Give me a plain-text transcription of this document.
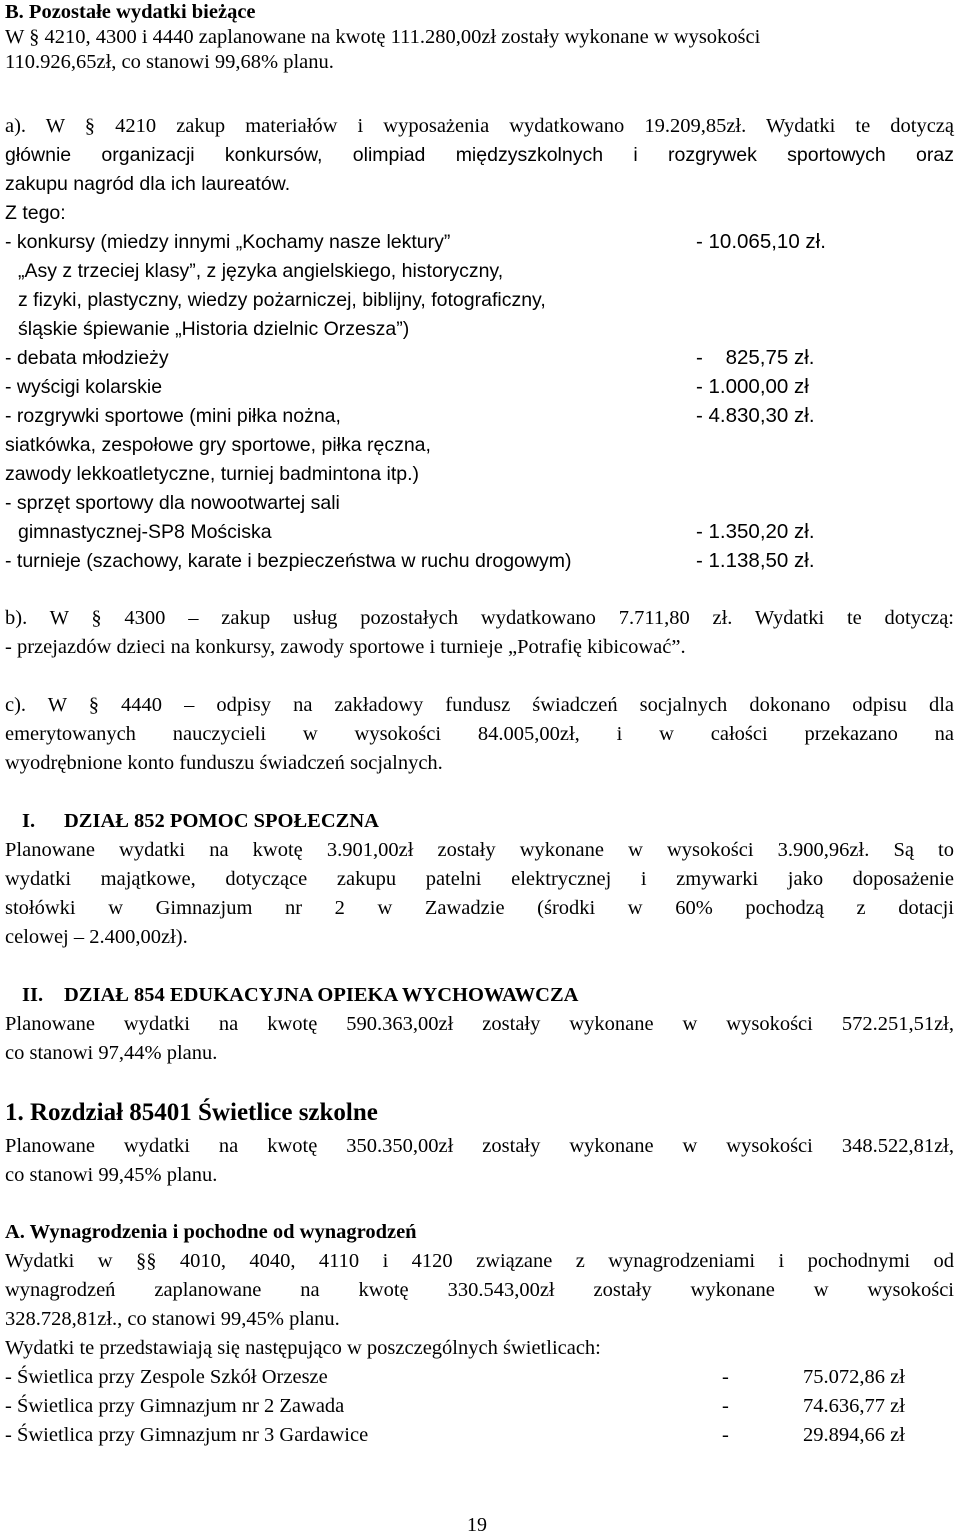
B. Pozostałe wydatki bieżące
W § 4210, 4300 i 4440 zaplanowane na kwotę 111.280,00zł zostały wykonane w wysokości
110.926,65zł, co stanowi 99,68% planu.
a). W § 4210 zakup materiałów i wyposażenia wydatkowano 19.209,85zł. Wydatki te dotyczą
głównie organizacji konkursów, olimpiad międzyszkolnych i rozgrywek sportowych oraz
zakupu nagród dla ich laureatów.
Z tego:
- konkursy (miedzy innymi „Kochamy nasze lektury”	- 10.065,10 zł.
„Asy z trzeciej klasy”, z języka angielskiego, historyczny,
z fizyki, plastyczny, wiedzy pożarniczej, biblijny, fotograficzny,
śląskie śpiewanie „Historia dzielnic Orzesza”)
- debata młodzieży	-    825,75 zł.
- wyścigi kolarskie	- 1.000,00 zł
- rozgrywki sportowe (mini piłka nożna,	- 4.830,30 zł.
siatkówka, zespołowe gry sportowe, piłka ręczna,
zawody lekkoatletyczne, turniej badmintona itp.)
- sprzęt sportowy dla nowootwartej sali
gimnastycznej-SP8 Mościska	- 1.350,20 zł.
- turnieje (szachowy, karate i bezpieczeństwa w ruchu drogowym)	- 1.138,50 zł.
b). W § 4300 – zakup usług pozostałych wydatkowano 7.711,80 zł. Wydatki te dotyczą:
- przejazdów dzieci na konkursy, zawody sportowe i turnieje „Potrafię kibicować”.
c). W § 4440 – odpisy na zakładowy fundusz świadczeń socjalnych dokonano odpisu dla
emerytowanych nauczycieli w wysokości 84.005,00zł, i w całości przekazano na
wyodrębnione konto funduszu świadczeń socjalnych.
I. DZIAŁ 852 POMOC SPOŁECZNA
Planowane wydatki na kwotę 3.901,00zł zostały wykonane w wysokości 3.900,96zł. Są to
wydatki majątkowe, dotyczące zakupu patelni elektrycznej i zmywarki jako doposażenie
stołówki w Gimnazjum nr 2 w Zawadzie (środki w 60% pochodzą z dotacji
celowej – 2.400,00zł).
II. DZIAŁ 854 EDUKACYJNA OPIEKA WYCHOWAWCZA
Planowane wydatki na kwotę 590.363,00zł zostały wykonane w wysokości 572.251,51zł,
co stanowi 97,44% planu.
1. Rozdział 85401 Świetlice szkolne
Planowane wydatki na kwotę 350.350,00zł zostały wykonane w wysokości 348.522,81zł,
co stanowi 99,45% planu.
A. Wynagrodzenia i pochodne od wynagrodzeń
Wydatki w §§ 4010, 4040, 4110 i 4120 związane z wynagrodzeniami i pochodnymi od
wynagrodzeń zaplanowane na kwotę 330.543,00zł zostały wykonane w wysokości
328.728,81zł., co stanowi 99,45% planu.
Wydatki te przedstawiają się następująco w poszczególnych świetlicach:
- Świetlica przy Zespole Szkół Orzesze	-	75.072,86 zł
- Świetlica przy Gimnazjum nr 2 Zawada	-	74.636,77 zł
- Świetlica przy Gimnazjum nr 3 Gardawice	-	29.894,66 zł
19
